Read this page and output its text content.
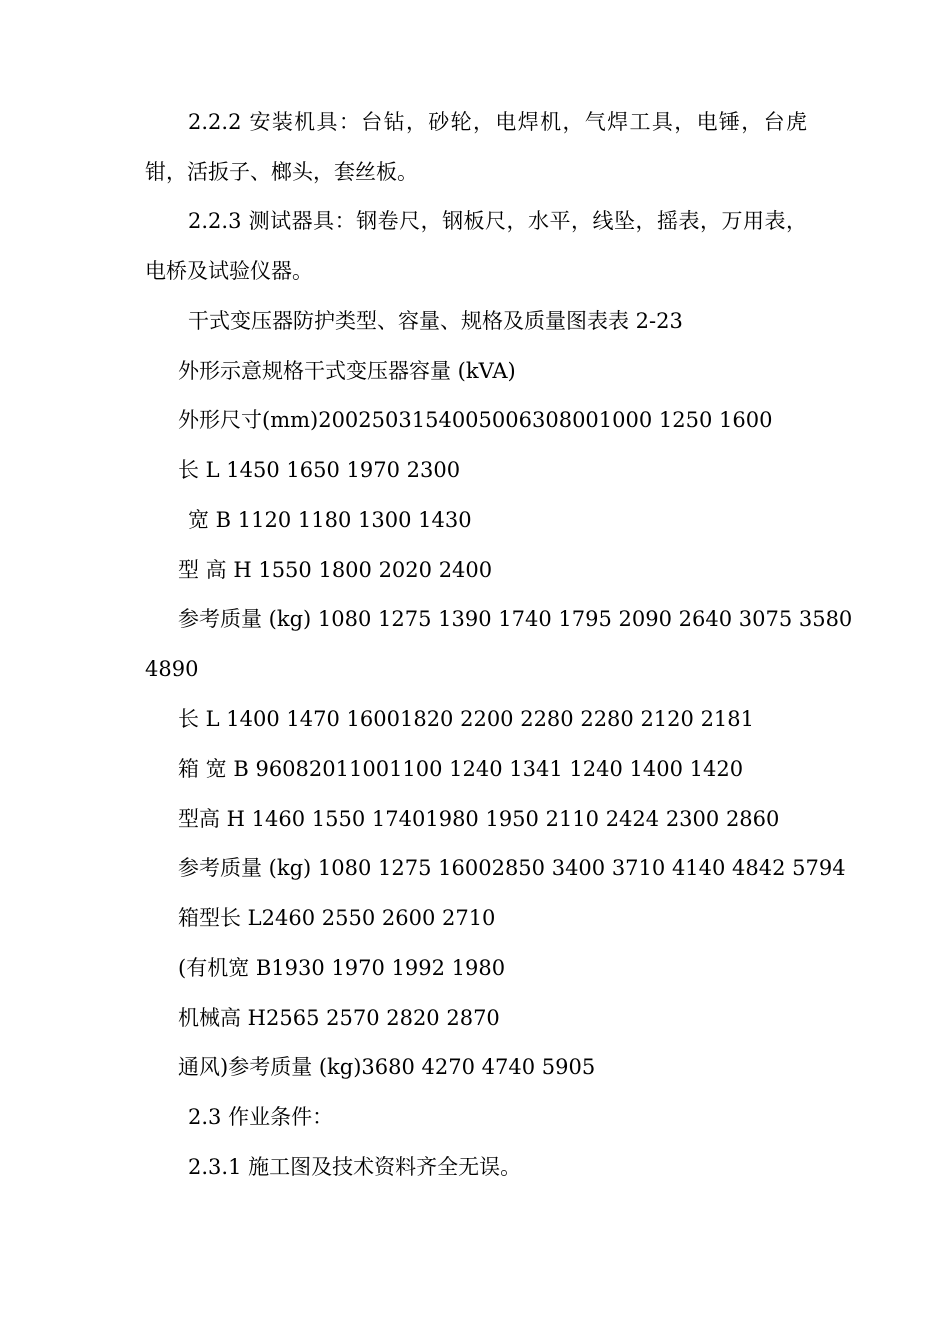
2.2.2 安装机具：台钻，砂轮，电焊机，气焊工具，电锤，台虎
钳，活扳子、榔头，套丝板。
2.2.3 测试器具：钢卷尺，钢板尺，水平，线坠，摇表，万用表，
电桥及试验仪器。
干式变压器防护类型、容量、规格及质量图表表 2-23
外形示意规格干式变压器容量 (kVA)
外形尺寸(mm)2002503154005006308001000 1250 1600
长 L 1450 1650 1970 2300
宽 B 1120 1180 1300 1430
型 高 H 1550 1800 2020 2400
参考质量 (kg) 1080 1275 1390 1740 1795 2090 2640 3075 3580
4890
长 L 1400 1470 16001820 2200 2280 2280 2120 2181
箱 宽 B 96082011001100 1240 1341 1240 1400 1420
型高 H 1460 1550 17401980 1950 2110 2424 2300 2860
参考质量 (kg) 1080 1275 16002850 3400 3710 4140 4842 5794
箱型长 L2460 2550 2600 2710
(有机宽 B1930 1970 1992 1980
机械高 H2565 2570 2820 2870
通风)参考质量 (kg)3680 4270 4740 5905
2.3 作业条件：
2.3.1 施工图及技术资料齐全无误。
